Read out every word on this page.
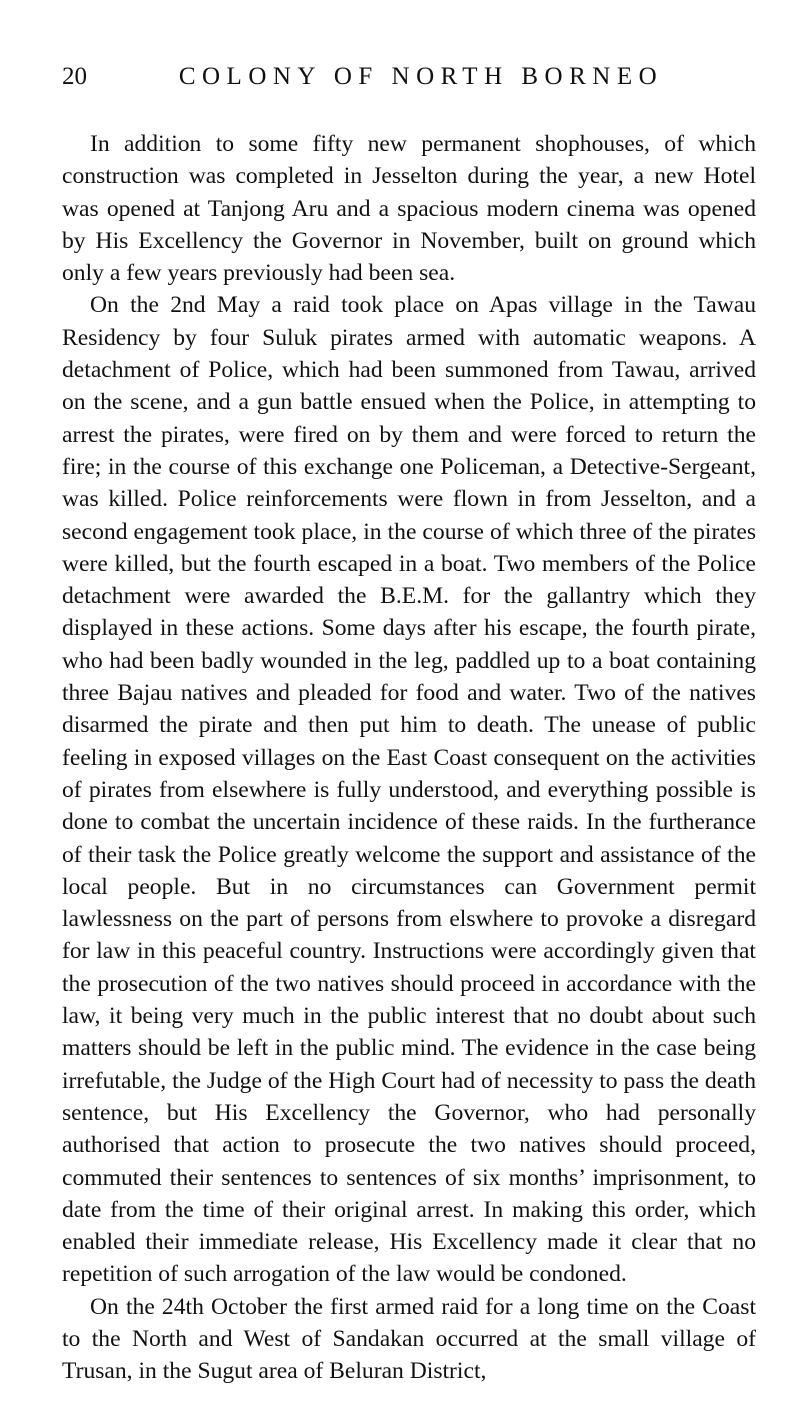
20	COLONY OF NORTH BORNEO

In addition to some fifty new permanent shophouses, of which construction was completed in Jesselton during the year, a new Hotel was opened at Tanjong Aru and a spacious modern cinema was opened by His Excellency the Governor in November, built on ground which only a few years previously had been sea.

On the 2nd May a raid took place on Apas village in the Tawau Residency by four Suluk pirates armed with automatic weapons. A detachment of Police, which had been summoned from Tawau, arrived on the scene, and a gun battle ensued when the Police, in attempting to arrest the pirates, were fired on by them and were forced to return the fire; in the course of this exchange one Policeman, a Detective-Sergeant, was killed. Police reinforcements were flown in from Jesselton, and a second engagement took place, in the course of which three of the pirates were killed, but the fourth escaped in a boat. Two members of the Police detachment were awarded the B.E.M. for the gallantry which they displayed in these actions. Some days after his escape, the fourth pirate, who had been badly wounded in the leg, paddled up to a boat containing three Bajau natives and pleaded for food and water. Two of the natives disarmed the pirate and then put him to death. The unease of public feeling in exposed villages on the East Coast consequent on the activities of pirates from elsewhere is fully understood, and everything possible is done to combat the uncertain incidence of these raids. In the furtherance of their task the Police greatly welcome the support and assistance of the local people. But in no circumstances can Government permit lawlessness on the part of persons from elswhere to provoke a disregard for law in this peaceful country. Instructions were accordingly given that the prosecution of the two natives should proceed in accordance with the law, it being very much in the public interest that no doubt about such matters should be left in the public mind. The evidence in the case being irrefutable, the Judge of the High Court had of necessity to pass the death sentence, but His Excellency the Governor, who had personally authorised that action to prosecute the two natives should proceed, commuted their sentences to sentences of six months’ imprisonment, to date from the time of their original arrest. In making this order, which enabled their immediate release, His Excellency made it clear that no repetition of such arrogation of the law would be condoned.

On the 24th October the first armed raid for a long time on the Coast to the North and West of Sandakan occurred at the small village of Trusan, in the Sugut area of Beluran District,
